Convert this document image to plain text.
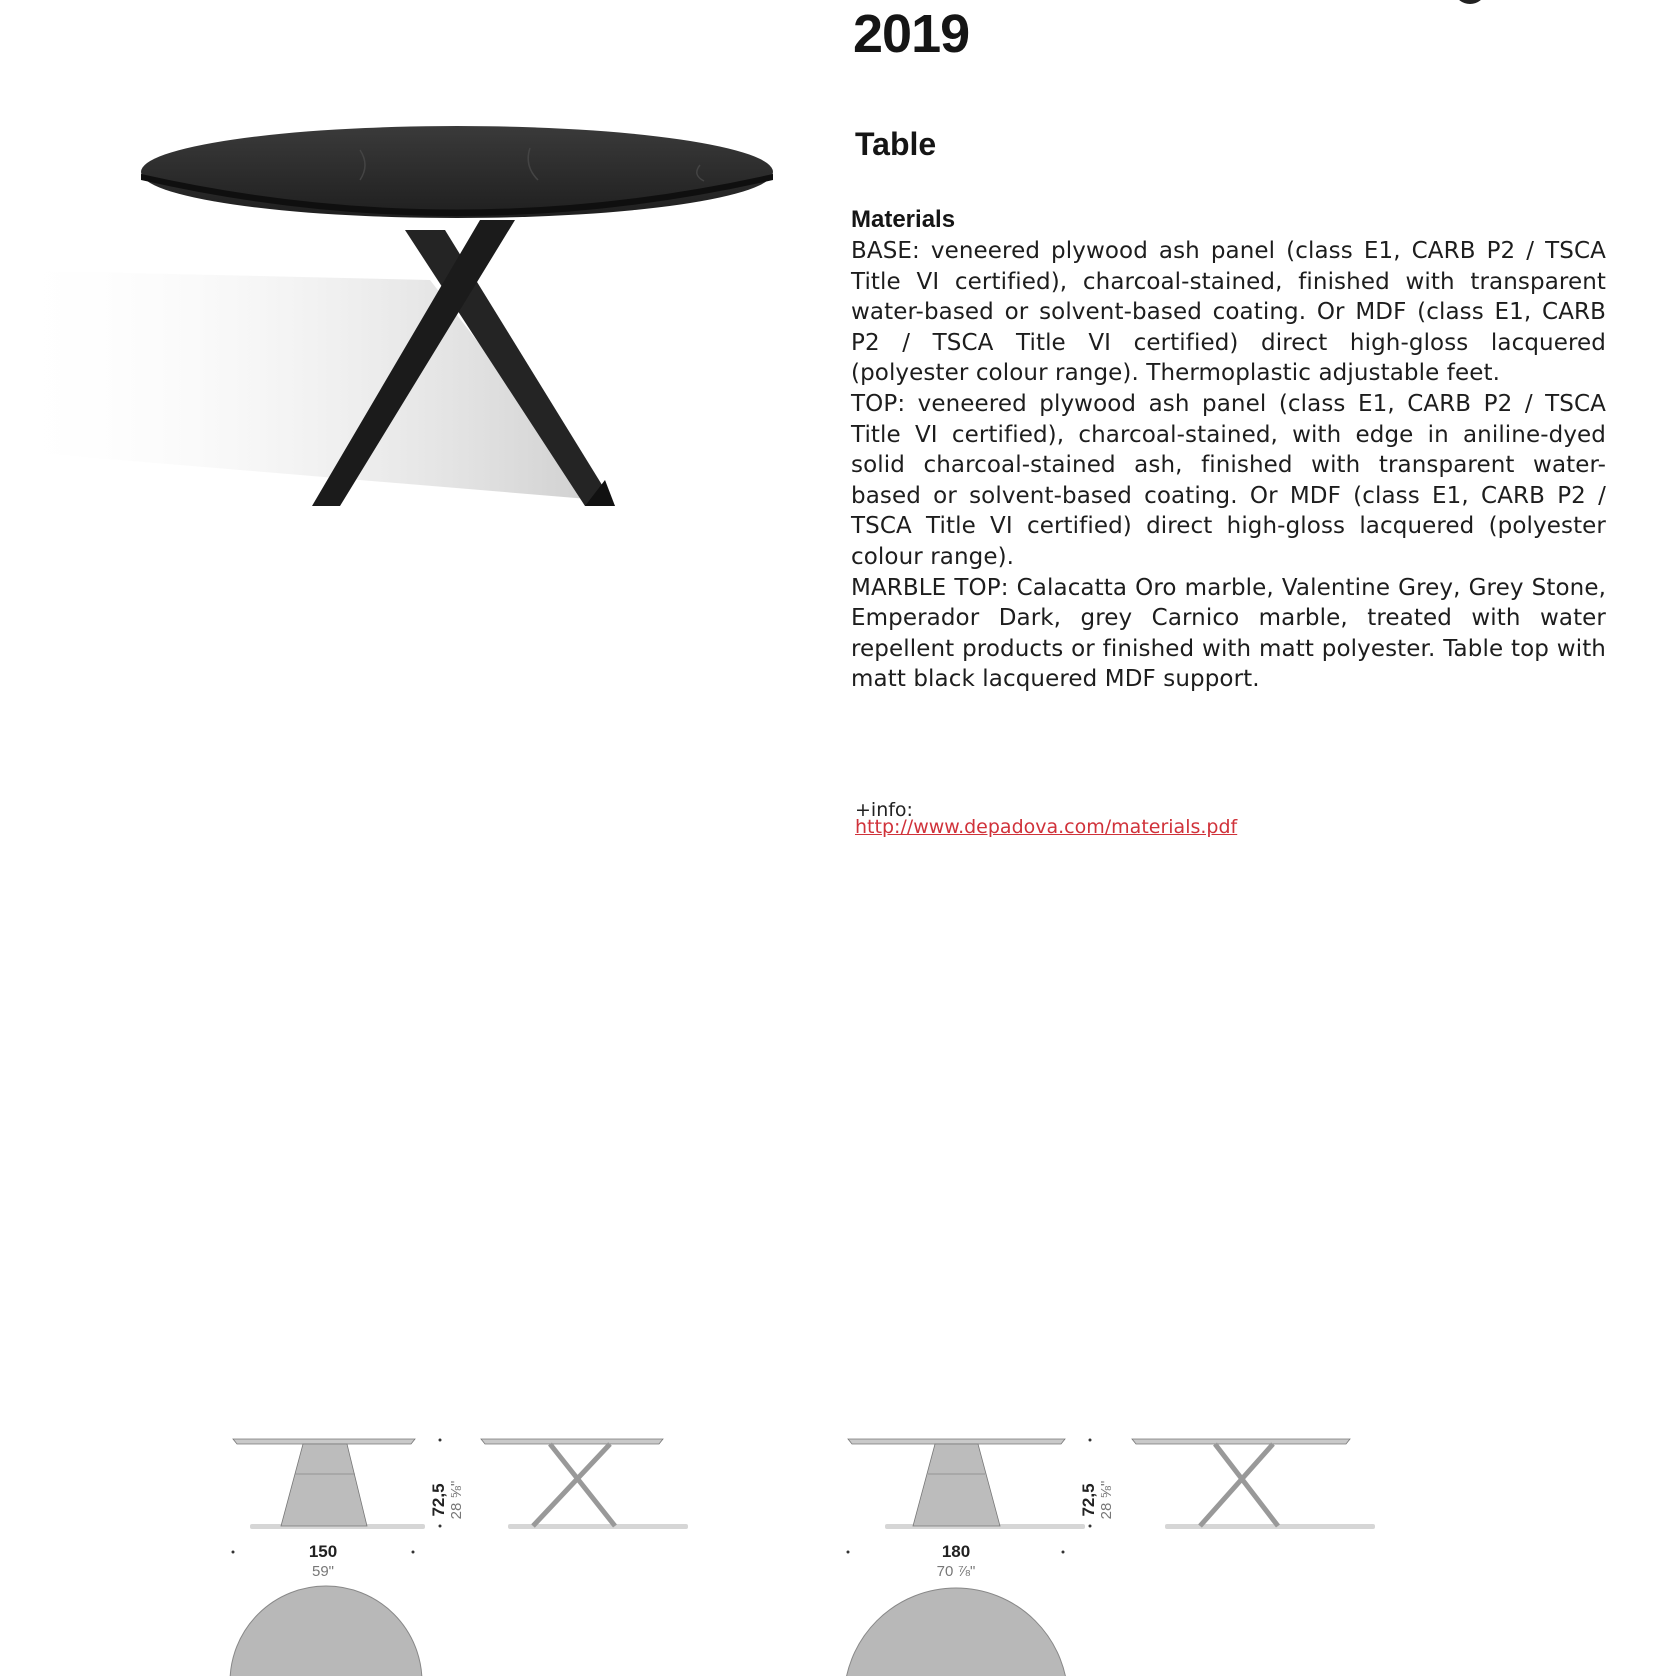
2019
Table
Materials

BASE: veneered plywood ash panel (class E1, CARB P2 / TSCA Title VI certified), charcoal-stained, finished with transparent water-based or solvent-based coating. Or MDF (class E1, CARB P2 / TSCA Title VI certified) direct high-gloss lacquered (polyester colour range). Thermoplastic adjustable feet.

TOP: veneered plywood ash panel (class E1, CARB P2 / TSCA Title VI certified), charcoal-stained, with edge in aniline-dyed solid charcoal-stained ash, finished with transparent water-based or solvent-based coating. Or MDF (class E1, CARB P2 / TSCA Title VI certified) direct high-gloss lacquered (polyester colour range).

MARBLE TOP: Calacatta Oro marble, Valentine Grey, Grey Stone, Emperador Dark, grey Carnico marble, treated with water repellent products or finished with matt polyester. Table top with matt black lacquered MDF support.

+info:
http://www.depadova.com/materials.pdf
72,5 28 ⅝"
150
59"
72,5 28 ⅝"
180
70 ⅞"
